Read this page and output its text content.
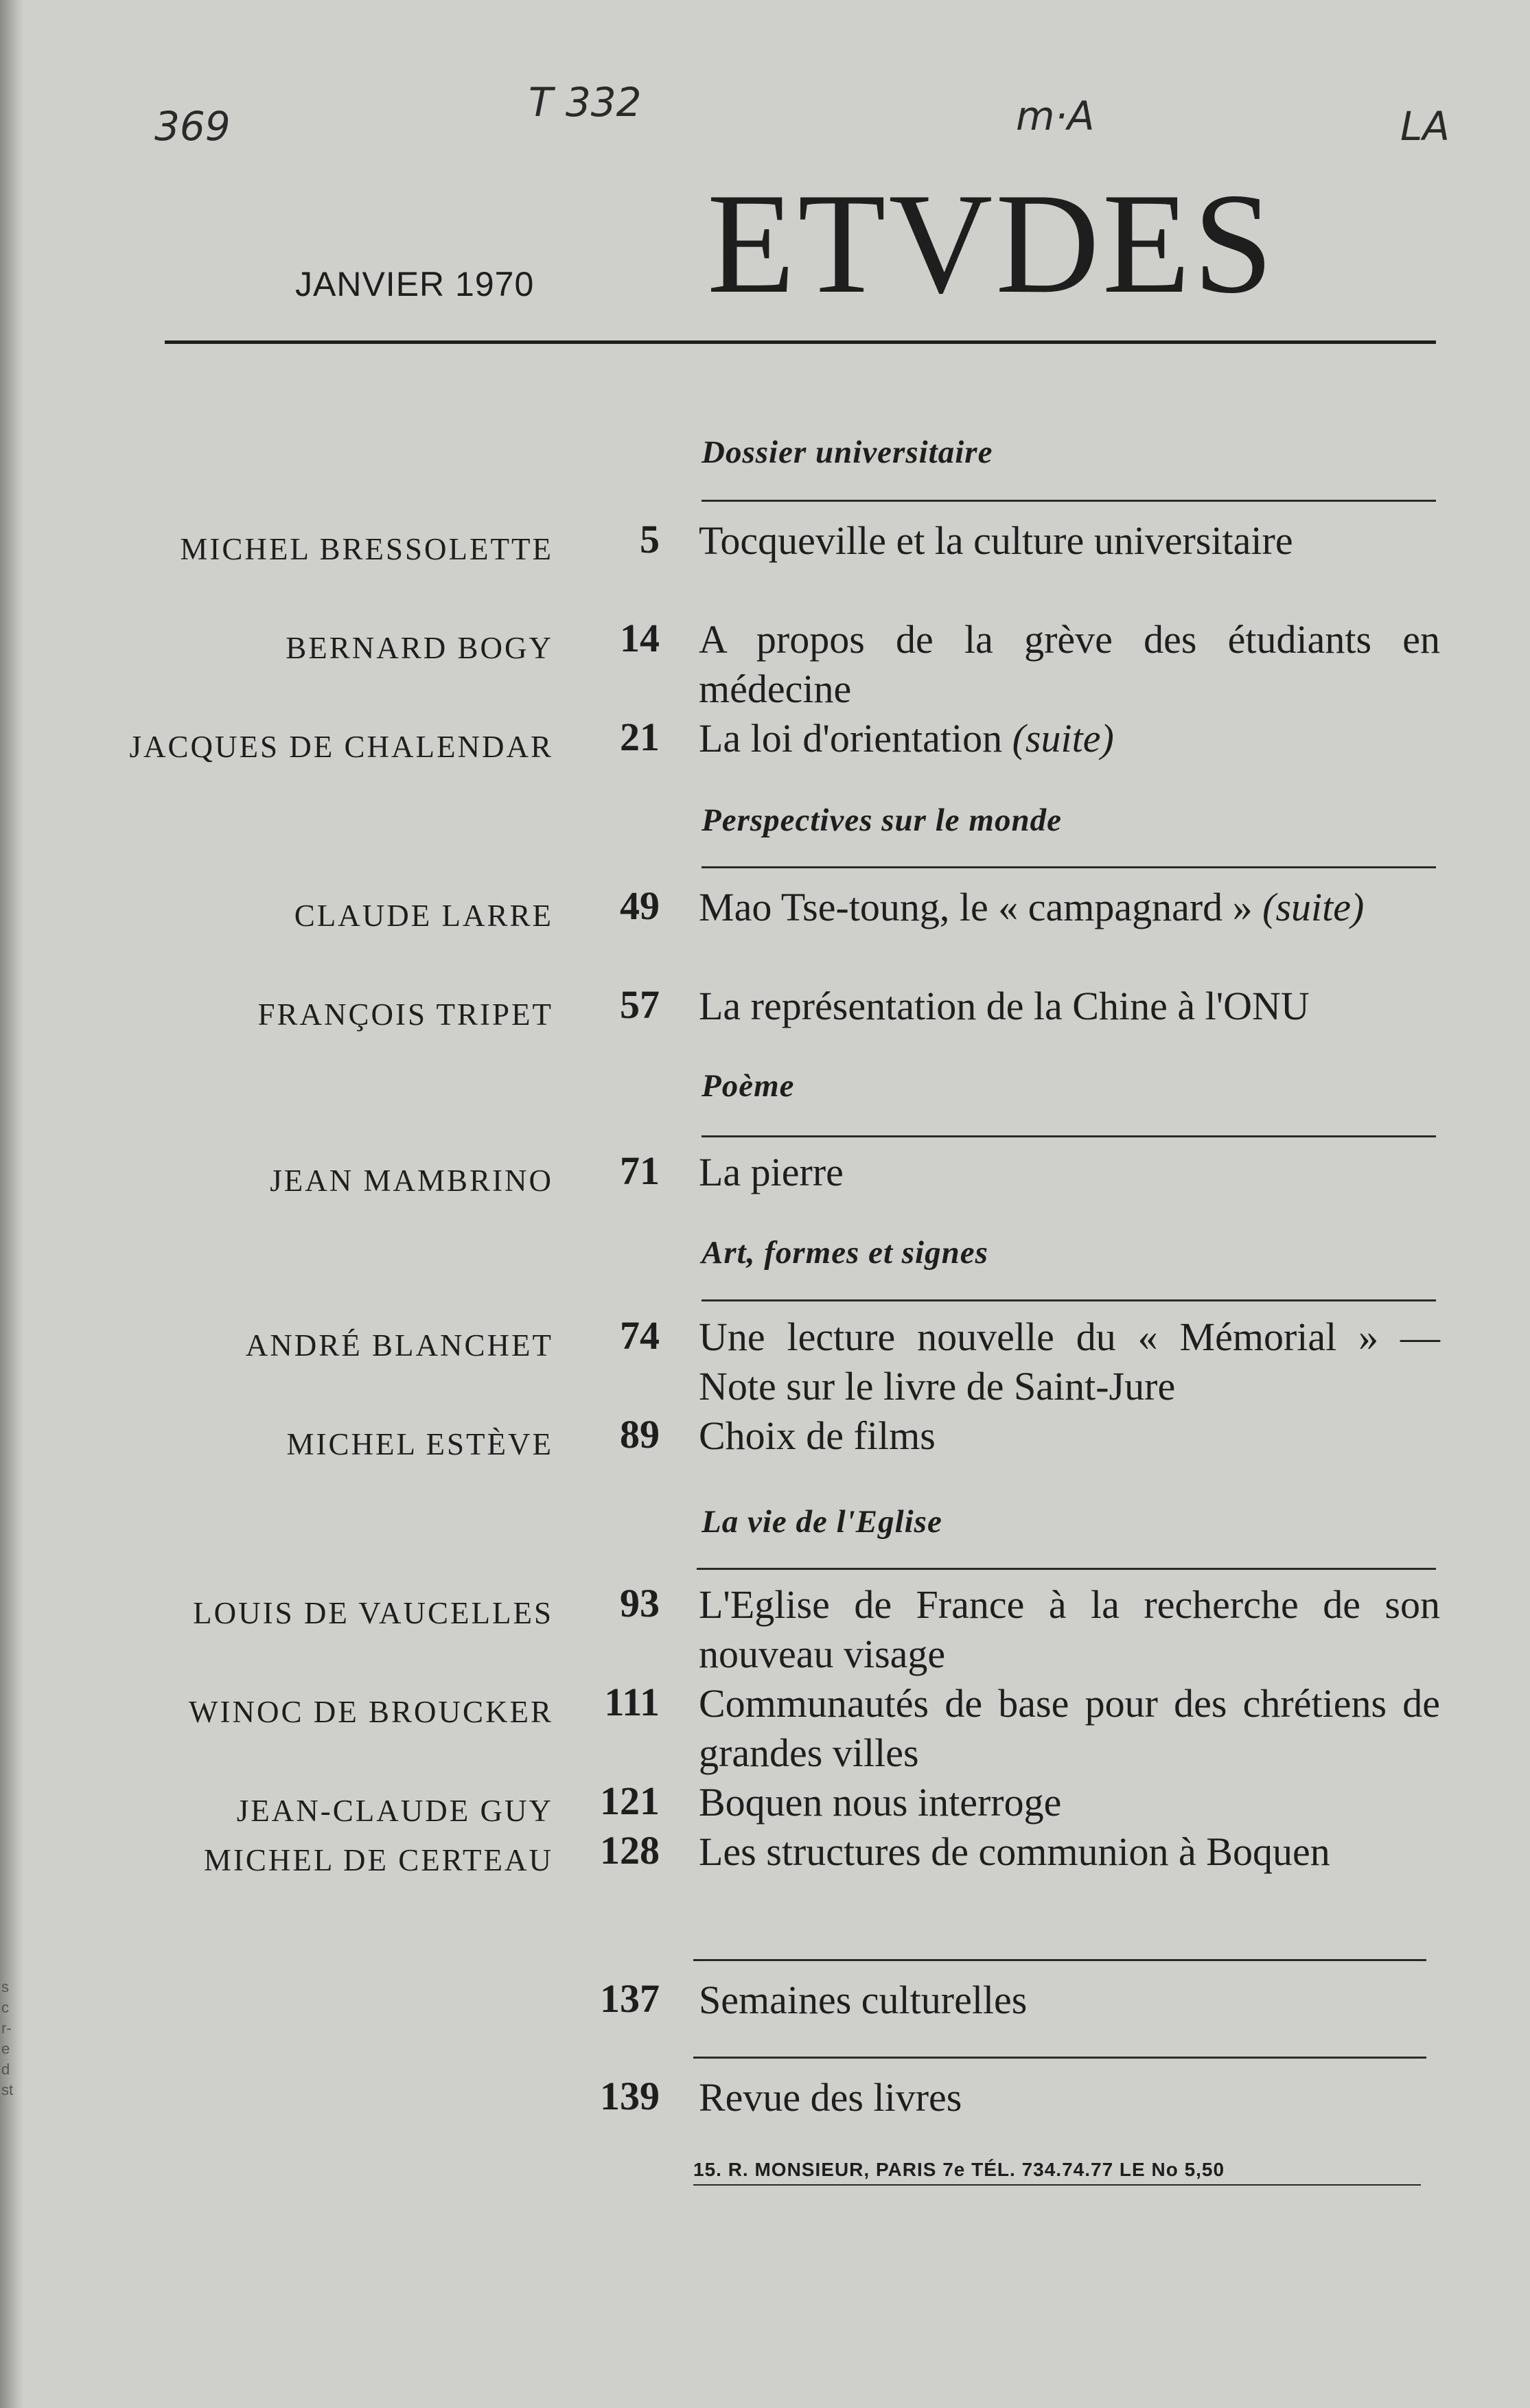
s
c
r-
e
d
st
369
T 332	m·A	LA
JANVIER 1970 ETVDES
Dossier universitaire
MICHEL BRESSOLETTE 5 Tocqueville et la culture universitaire
BERNARD BOGY 14 A propos de la grève des étudiants en médecine
JACQUES DE CHALENDAR 21 La loi d'orientation (suite)
Perspectives sur le monde
CLAUDE LARRE 49 Mao Tse-toung, le « campagnard » (suite)
FRANÇOIS TRIPET 57 La représentation de la Chine à l'ONU
Poème
JEAN MAMBRINO 71 La pierre
Art, formes et signes
ANDRÉ BLANCHET 74 Une lecture nouvelle du « Mémorial » — Note sur le livre de Saint-Jure
MICHEL ESTÈVE 89 Choix de films
La vie de l'Eglise
LOUIS DE VAUCELLES 93 L'Eglise de France à la recherche de son nouveau visage
WINOC DE BROUCKER 111 Communautés de base pour des chrétiens de grandes villes
JEAN-CLAUDE GUY 121 Boquen nous interroge
MICHEL DE CERTEAU 128 Les structures de communion à Boquen
137 Semaines culturelles
139 Revue des livres
15. R. MONSIEUR, PARIS 7e TÉL. 734.74.77 LE No 5,50
